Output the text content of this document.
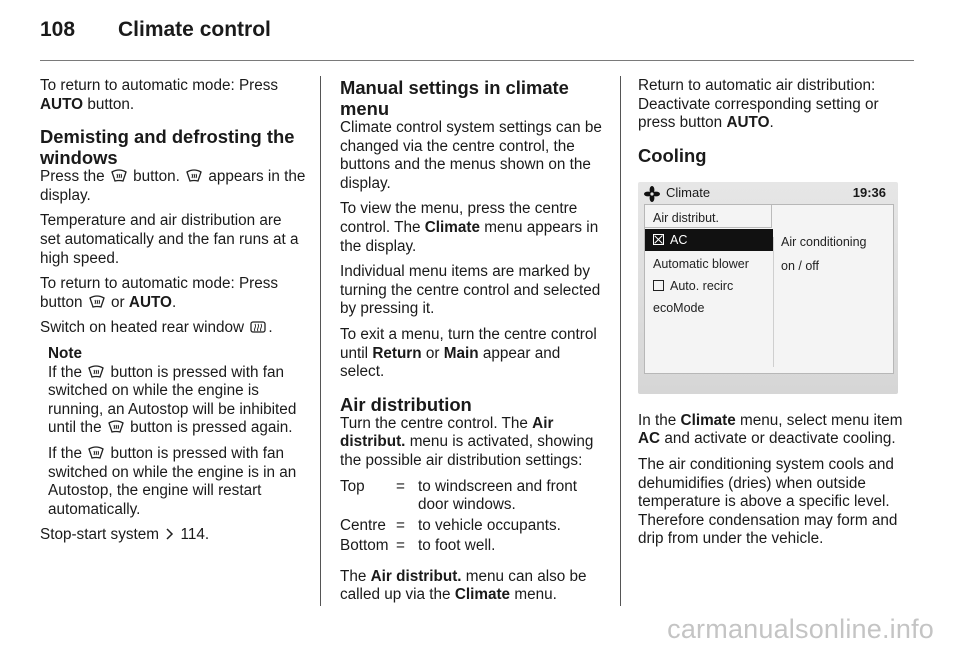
108	Climate control

To return to automatic mode: Press
AUTO button.

Demisting and defrosting the windows

Press the button. appears in the display.

Temperature and air distribution are set automatically and the fan runs at a high speed.

To return to automatic mode: Press button or AUTO.

Switch on heated rear window .

Note

If the button is pressed with fan switched on while the engine is running, an Autostop will be inhibited until the button is pressed again.

If the button is pressed with fan switched on while the engine is in an Autostop, the engine will restart automatically.

Stop-start system 114.

Manual settings in climate menu

Climate control system settings can be changed via the centre control, the buttons and the menus shown on the display.

To view the menu, press the centre control. The Climate menu appears in the display.

Individual menu items are marked by turning the centre control and selected by pressing it.

To exit a menu, turn the centre control until Return or Main appear and select.

Air distribution

Turn the centre control. The Air distribut. menu is activated, showing the possible air distribution settings:

Top	=	to windscreen and front door windows.
Centre	=	to vehicle occupants.
Bottom	=	to foot well.

The Air distribut. menu can also be called up via the Climate menu.

Return to automatic air distribution: Deactivate corresponding setting or press button AUTO.

Cooling
Climate	19:36
Air distribut.
AC
Automatic blower
Auto. recirc
ecoMode
Air conditioning
on / off

In the Climate menu, select menu item AC and activate or deactivate cooling.

The air conditioning system cools and dehumidifies (dries) when outside temperature is above a specific level. Therefore condensation may form and drip from under the vehicle.

carmanualsonline.info
